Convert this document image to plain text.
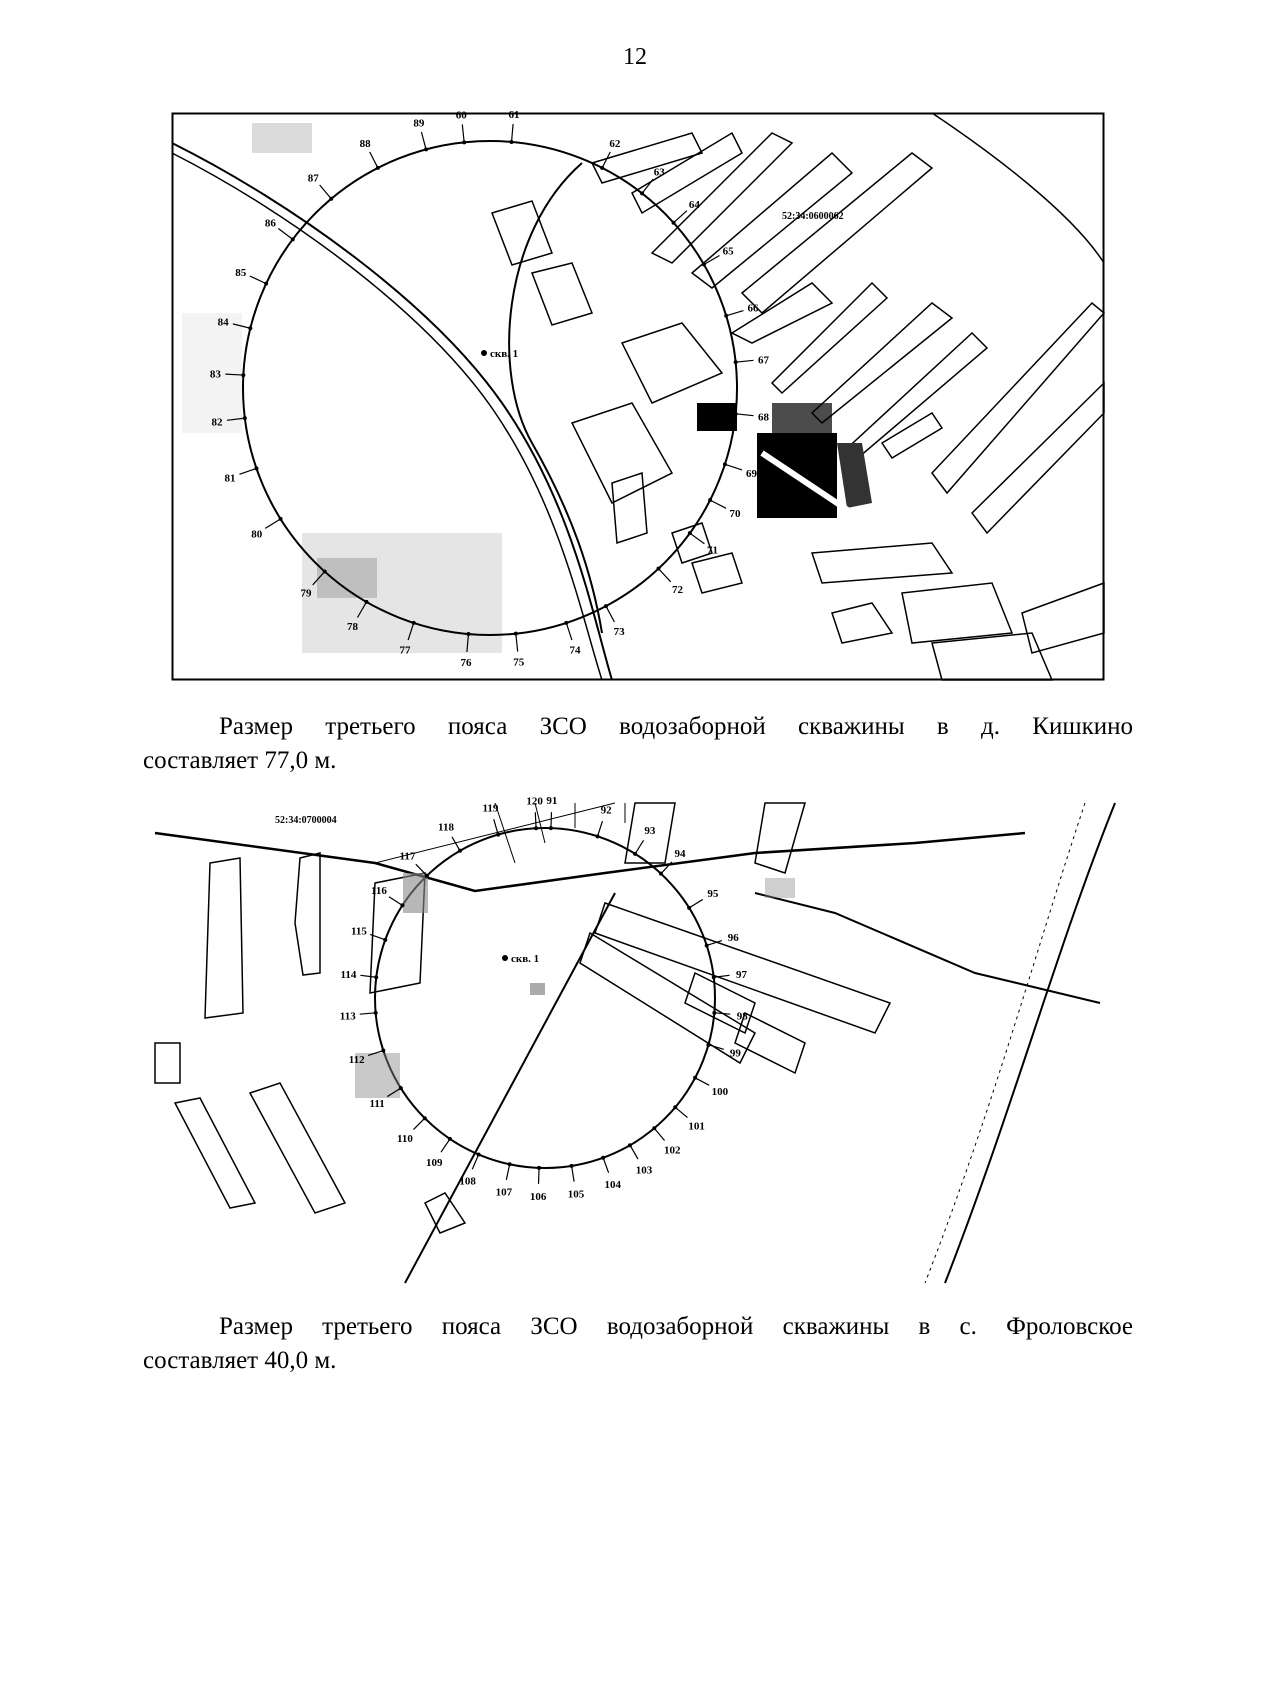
12
скв. 1
52:34:0600062
60	61
62
63
64
65
66
67
68
69
70
71
72
73
74
75
76
77
78
79
80
81
82
83
84
85
86
87
88
89
Размер третьего пояса ЗСО водозаборной скважины в д. Кишкино
составляет 77,0 м.
скв. 1
52:34:0700004
91
92
93
94
95
96
97
98
99
100
101
102
103
104
105
106
107
108
109
110
111
112
113
114
115
116
117
118
119
120
Размер третьего пояса ЗСО водозаборной скважины в с. Фроловское
составляет 40,0 м.
